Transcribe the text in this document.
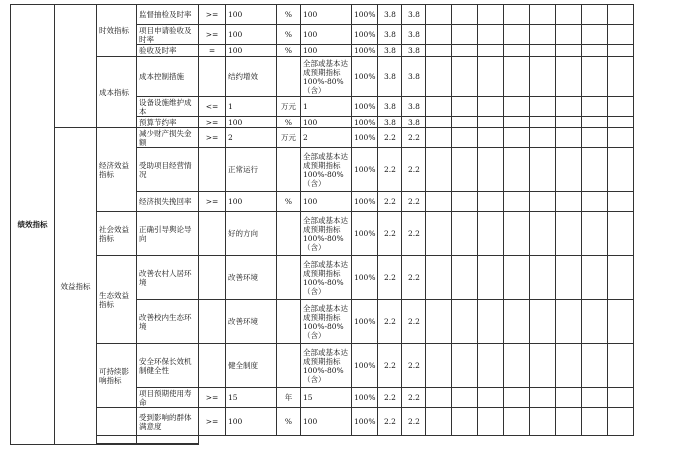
绩效指标		时效指标	监督抽检及时率	>=	100	%	100	100%	3.8	3.8								
			项目申请验收及时率	>=	100	%	100	100%	3.8	3.8								
			验收及时率	=	100	%	100	100%	3.8	3.8								
		成本指标	成本控制措施		结约增效		全部或基本达成预期指标100%-80%（含）	100%	3.8	3.8								
			设备设施维护成本	<=	1	万元	1	100%	3.8	3.8								
			预算节约率	>=	100	%	100	100%	3.8	3.8								
	效益指标	经济效益指标	减少财产损失金额	>=	2	万元	2	100%	2.2	2.2								
			受助项目经营情况		正常运行		全部或基本达成预期指标100%-80%（含）	100%	2.2	2.2								
			经济损失挽回率	>=	100	%	100	100%	2.2	2.2								
		社会效益指标	正确引导舆论导向		好的方向		全部或基本达成预期指标100%-80%（含）	100%	2.2	2.2								
		生态效益指标	改善农村人居环境		改善环境		全部或基本达成预期指标100%-80%（含）	100%	2.2	2.2								
			改善校内生态环境		改善环境		全部或基本达成预期指标100%-80%（含）	100%	2.2	2.2								
		可持续影响指标	安全环保长效机制健全性		健全制度		全部或基本达成预期指标100%-80%（含）	100%	2.2	2.2								
			项目预期使用寿命	>=	15	年	15	100%	2.2	2.2								
			受到影响的群体满意度	>=	100	%	100	100%	2.2	2.2								
